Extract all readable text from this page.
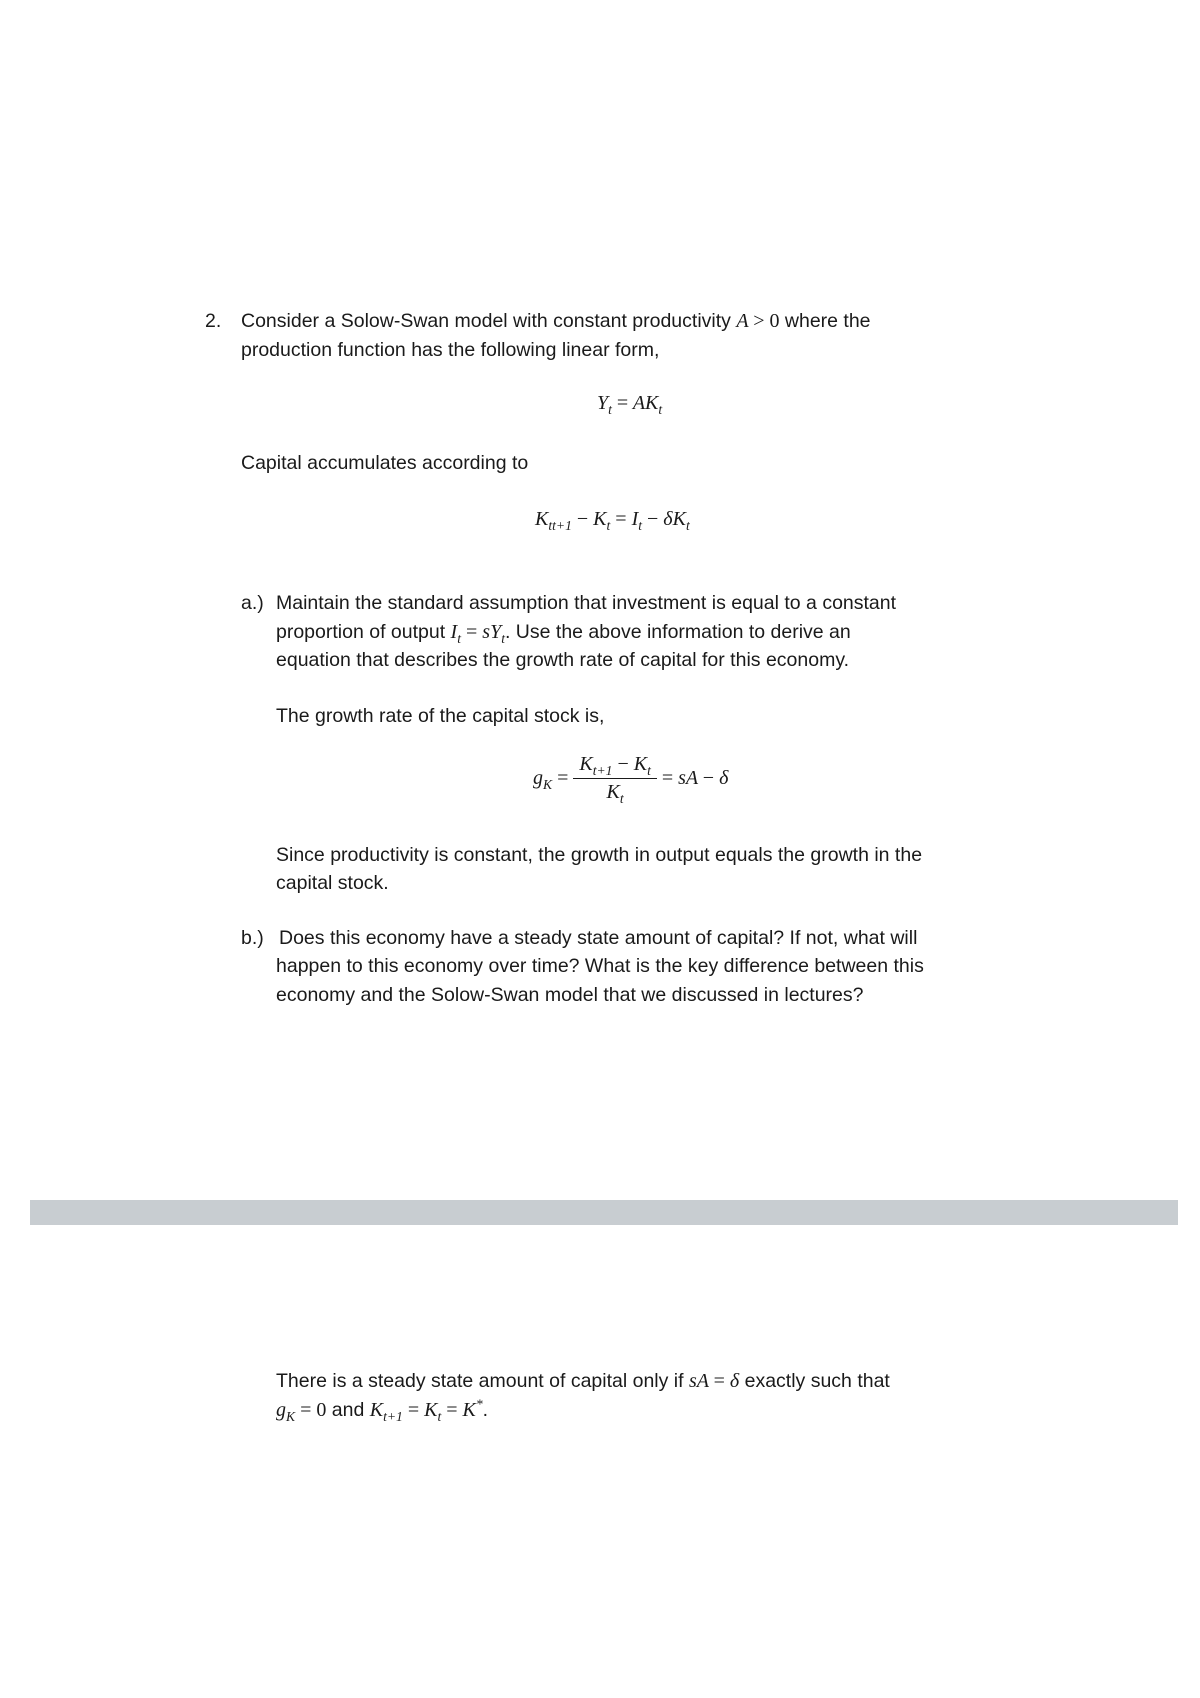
2. Consider a Solow-Swan model with constant productivity A > 0 where the
production function has the following linear form,
$Y_t = AK_t$
Capital accumulates according to
$K_{tt+1} - K_t = I_t - \delta K_t$
a.) Maintain the standard assumption that investment is equal to a constant
proportion of output $I_t = sY_t$. Use the above information to derive an
equation that describes the growth rate of capital for this economy.
The growth rate of the capital stock is,
$g_K = \frac{K_{t+1} - K_t}{K_t}$ = sA − δ
Since productivity is constant, the growth in output equals the growth in the
capital stock.
b.) Does this economy have a steady state amount of capital? If not, what will
happen to this economy over time? What is the key difference between this
economy and the Solow-Swan model that we discussed in lectures?
There is a steady state amount of capital only if sA = δ exactly such that
$g_K = 0$ and $K_{t+1} = K_t = K^*$.
